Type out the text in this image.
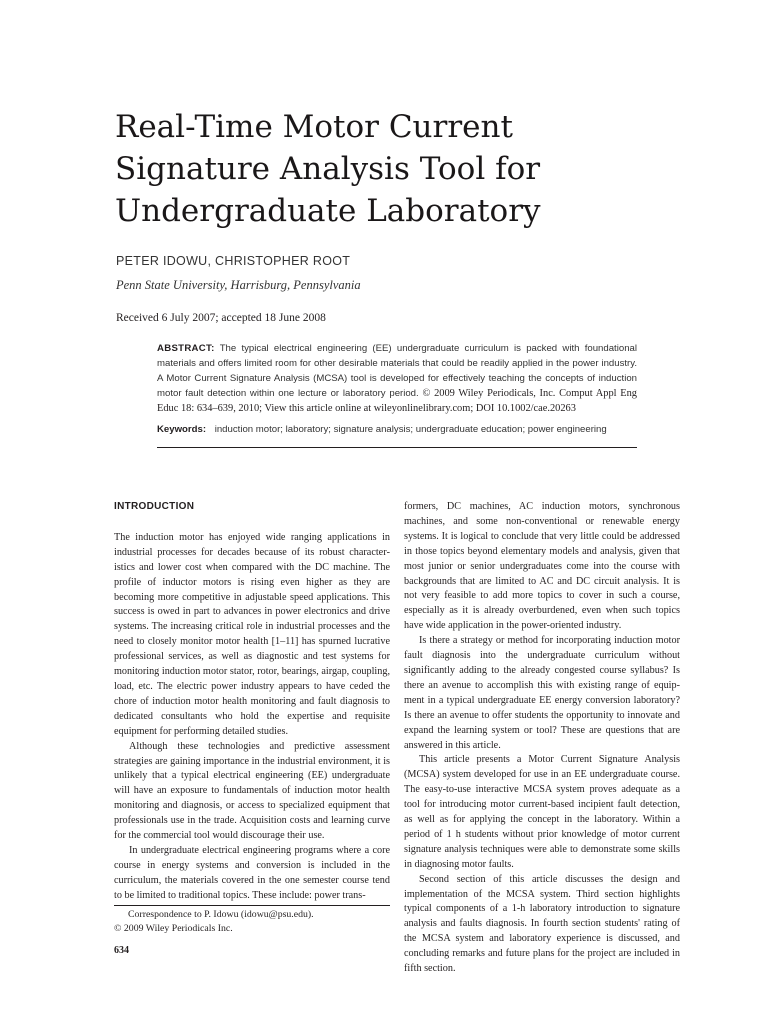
Real-Time Motor Current
Signature Analysis Tool for
Undergraduate Laboratory
PETER IDOWU, CHRISTOPHER ROOT
Penn State University, Harrisburg, Pennsylvania
Received 6 July 2007; accepted 18 June 2008

ABSTRACT: The typical electrical engineering (EE) undergraduate curriculum is packed with foundational materials and offers limited room for other desirable materials that could be readily applied in the power industry. A Motor Current Signature Analysis (MCSA) tool is developed for effectively teaching the concepts of induction motor fault detection within one lecture or laboratory period. © 2009 Wiley Periodicals, Inc. Comput Appl Eng Educ 18: 634–639, 2010; View this article online at wileyonlinelibrary.com; DOI 10.1002/cae.20263

Keywords: induction motor; laboratory; signature analysis; undergraduate education; power engineering

INTRODUCTION

The induction motor has enjoyed wide ranging applications in industrial processes for decades because of its robust characteristics and lower cost when compared with the DC machine. The profile of inductor motors is rising even higher as they are becoming more competitive in adjustable speed applications. This success is owed in part to advances in power electronics and drive systems. The increasing critical role in industrial processes and the need to closely monitor motor health [1–11] has spurned lucrative professional services, as well as diagnostic and test systems for monitoring induction motor stator, rotor, bearings, airgap, coupling, load, etc. The electric power industry appears to have ceded the chore of induction motor health monitoring and fault diagnosis to dedicated consultants who hold the expertise and requisite equipment for performing detailed studies.

Although these technologies and predictive assessment strategies are gaining importance in the industrial environment, it is unlikely that a typical electrical engineering (EE) undergraduate will have an exposure to fundamentals of induction motor health monitoring and diagnosis, or access to specialized equipment that professionals use in the trade. Acquisition costs and learning curve for the commercial tool would discourage their use.

In undergraduate electrical engineering programs where a core course in energy systems and conversion is included in the curriculum, the materials covered in the one semester course tend to be limited to traditional topics. These include: power trans-

formers, DC machines, AC induction motors, synchronous machines, and some non-conventional or renewable energy systems. It is logical to conclude that very little could be addressed in those topics beyond elementary models and analysis, given that most junior or senior undergraduates come into the course with backgrounds that are limited to AC and DC circuit analysis. It is not very feasible to add more topics to cover in such a course, especially as it is already overburdened, even when such topics have wide application in the power-oriented industry.

Is there a strategy or method for incorporating induction motor fault diagnosis into the undergraduate curriculum without significantly adding to the already congested course syllabus? Is there an avenue to accomplish this with existing range of equipment in a typical undergraduate EE energy conversion laboratory? Is there an avenue to offer students the opportunity to innovate and expand the learning system or tool? These are questions that are answered in this article.

This article presents a Motor Current Signature Analysis (MCSA) system developed for use in an EE undergraduate course. The easy-to-use interactive MCSA system proves adequate as a tool for introducing motor current-based incipient fault detection, as well as for applying the concept in the laboratory. Within a period of 1 h students without prior knowledge of motor current signature analysis techniques were able to demonstrate some skills in diagnosing motor faults.

Second section of this article discusses the design and implementation of the MCSA system. Third section highlights typical components of a 1-h laboratory introduction to signature analysis and faults diagnosis. In fourth section students' rating of the MCSA system and laboratory experience is discussed, and concluding remarks and future plans for the project are included in fifth section.

Correspondence to P. Idowu (idowu@psu.edu).
© 2009 Wiley Periodicals Inc.
634
